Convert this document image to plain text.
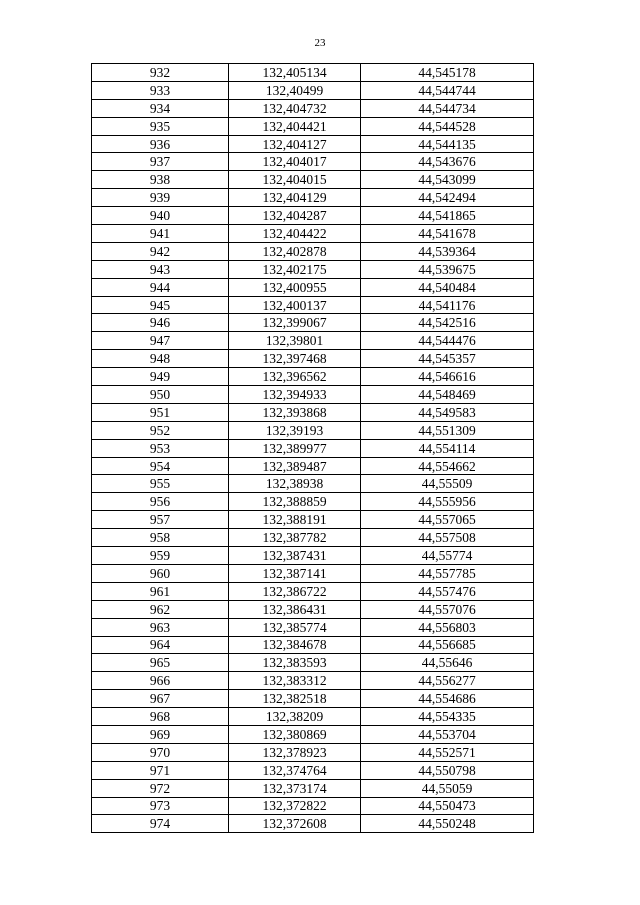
23
932	132,405134	44,545178
933	132,40499	44,544744
934	132,404732	44,544734
935	132,404421	44,544528
936	132,404127	44,544135
937	132,404017	44,543676
938	132,404015	44,543099
939	132,404129	44,542494
940	132,404287	44,541865
941	132,404422	44,541678
942	132,402878	44,539364
943	132,402175	44,539675
944	132,400955	44,540484
945	132,400137	44,541176
946	132,399067	44,542516
947	132,39801	44,544476
948	132,397468	44,545357
949	132,396562	44,546616
950	132,394933	44,548469
951	132,393868	44,549583
952	132,39193	44,551309
953	132,389977	44,554114
954	132,389487	44,554662
955	132,38938	44,55509
956	132,388859	44,555956
957	132,388191	44,557065
958	132,387782	44,557508
959	132,387431	44,55774
960	132,387141	44,557785
961	132,386722	44,557476
962	132,386431	44,557076
963	132,385774	44,556803
964	132,384678	44,556685
965	132,383593	44,55646
966	132,383312	44,556277
967	132,382518	44,554686
968	132,38209	44,554335
969	132,380869	44,553704
970	132,378923	44,552571
971	132,374764	44,550798
972	132,373174	44,55059
973	132,372822	44,550473
974	132,372608	44,550248
